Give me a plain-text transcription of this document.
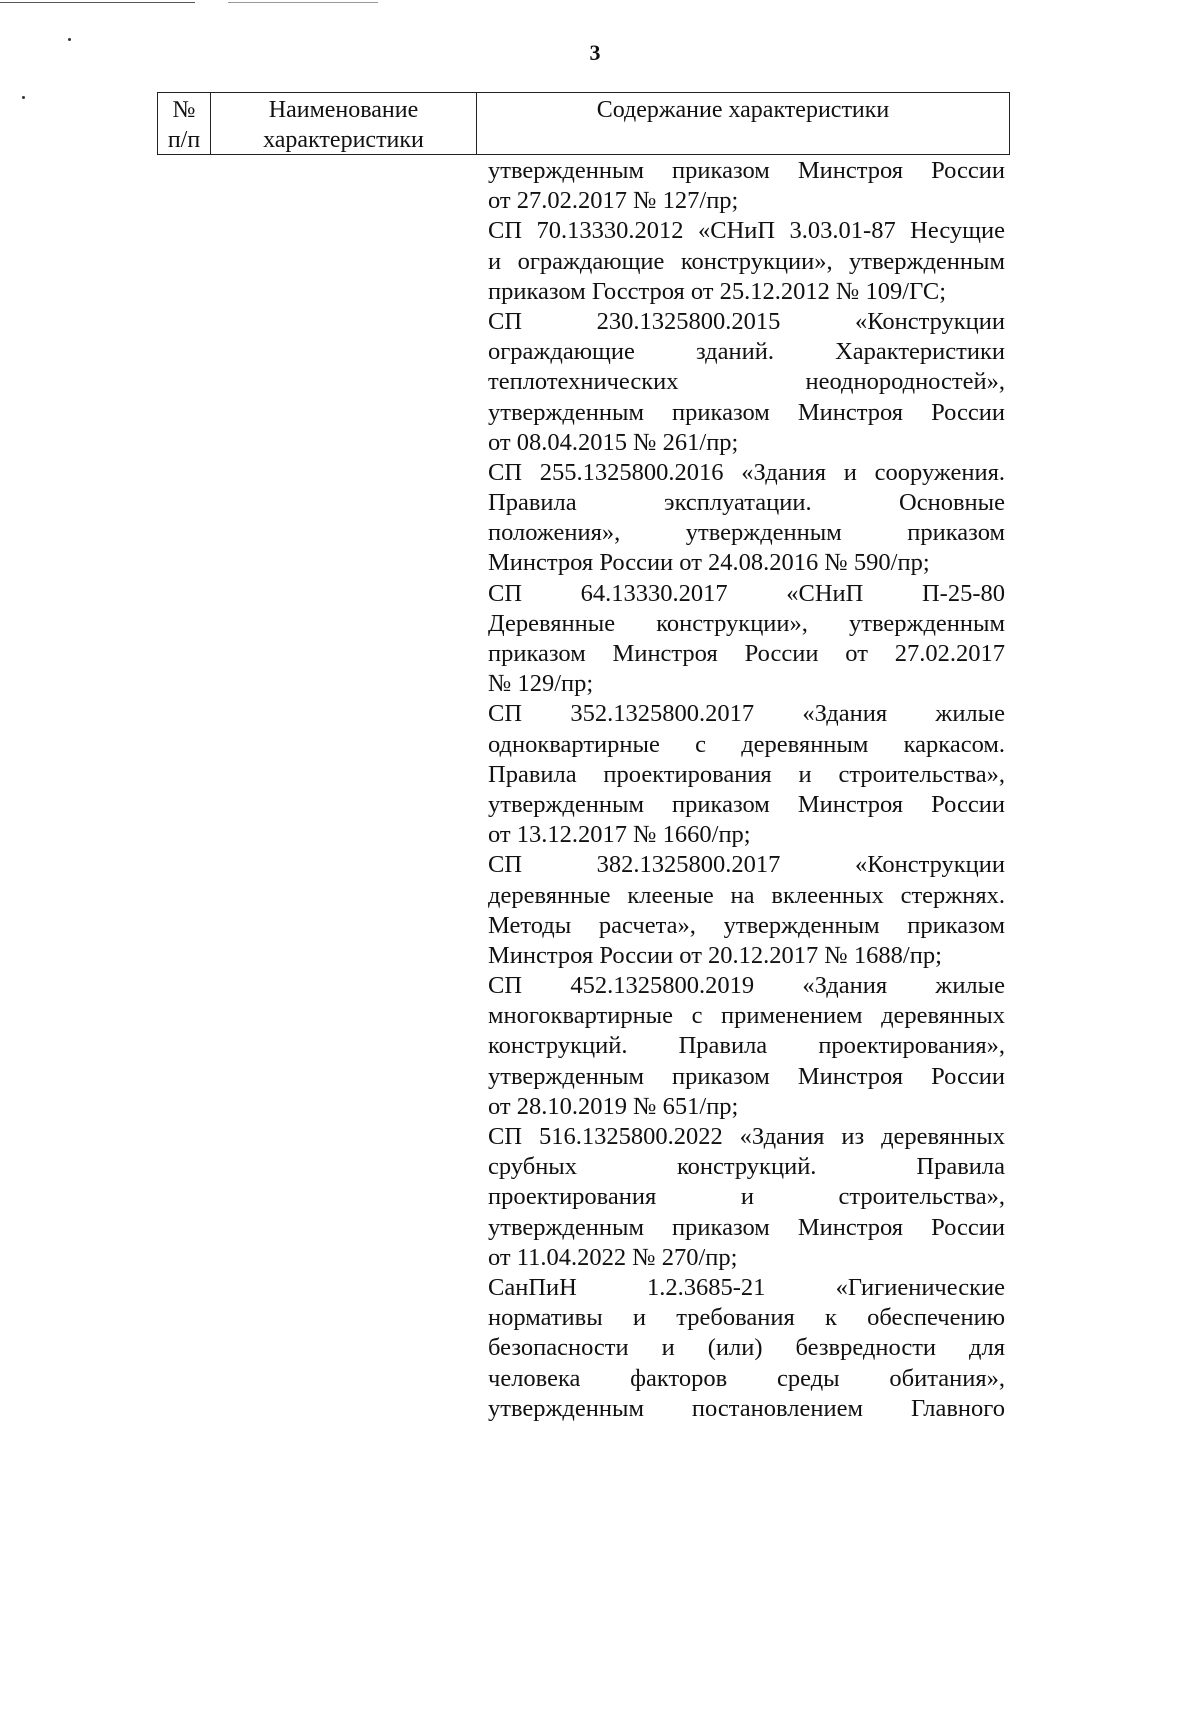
3
№
п/п
Наименование
характеристики
Содержание характеристики
утвержденным приказом Минстроя России
от 27.02.2017 № 127/пр;
СП 70.13330.2012 «СНиП 3.03.01-87 Несущие
и ограждающие конструкции», утвержденным
приказом Госстроя от 25.12.2012 № 109/ГС;
СП 230.1325800.2015 «Конструкции
ограждающие зданий. Характеристики
теплотехнических неоднородностей»,
утвержденным приказом Минстроя России
от 08.04.2015 № 261/пр;
СП 255.1325800.2016 «Здания и сооружения.
Правила эксплуатации. Основные
положения», утвержденным приказом
Минстроя России от 24.08.2016 № 590/пр;
СП 64.13330.2017 «СНиП П-25-80
Деревянные конструкции», утвержденным
приказом Минстроя России от 27.02.2017
№ 129/пр;
СП 352.1325800.2017 «Здания жилые
одноквартирные с деревянным каркасом.
Правила проектирования и строительства»,
утвержденным приказом Минстроя России
от 13.12.2017 № 1660/пр;
СП 382.1325800.2017 «Конструкции
деревянные клееные на вклеенных стержнях.
Методы расчета», утвержденным приказом
Минстроя России от 20.12.2017 № 1688/пр;
СП 452.1325800.2019 «Здания жилые
многоквартирные с применением деревянных
конструкций. Правила проектирования»,
утвержденным приказом Минстроя России
от 28.10.2019 № 651/пр;
СП 516.1325800.2022 «Здания из деревянных
срубных конструкций. Правила
проектирования и строительства»,
утвержденным приказом Минстроя России
от 11.04.2022 № 270/пр;
СанПиН 1.2.3685-21 «Гигиенические
нормативы и требования к обеспечению
безопасности и (или) безвредности для
человека факторов среды обитания»,
утвержденным постановлением Главного
